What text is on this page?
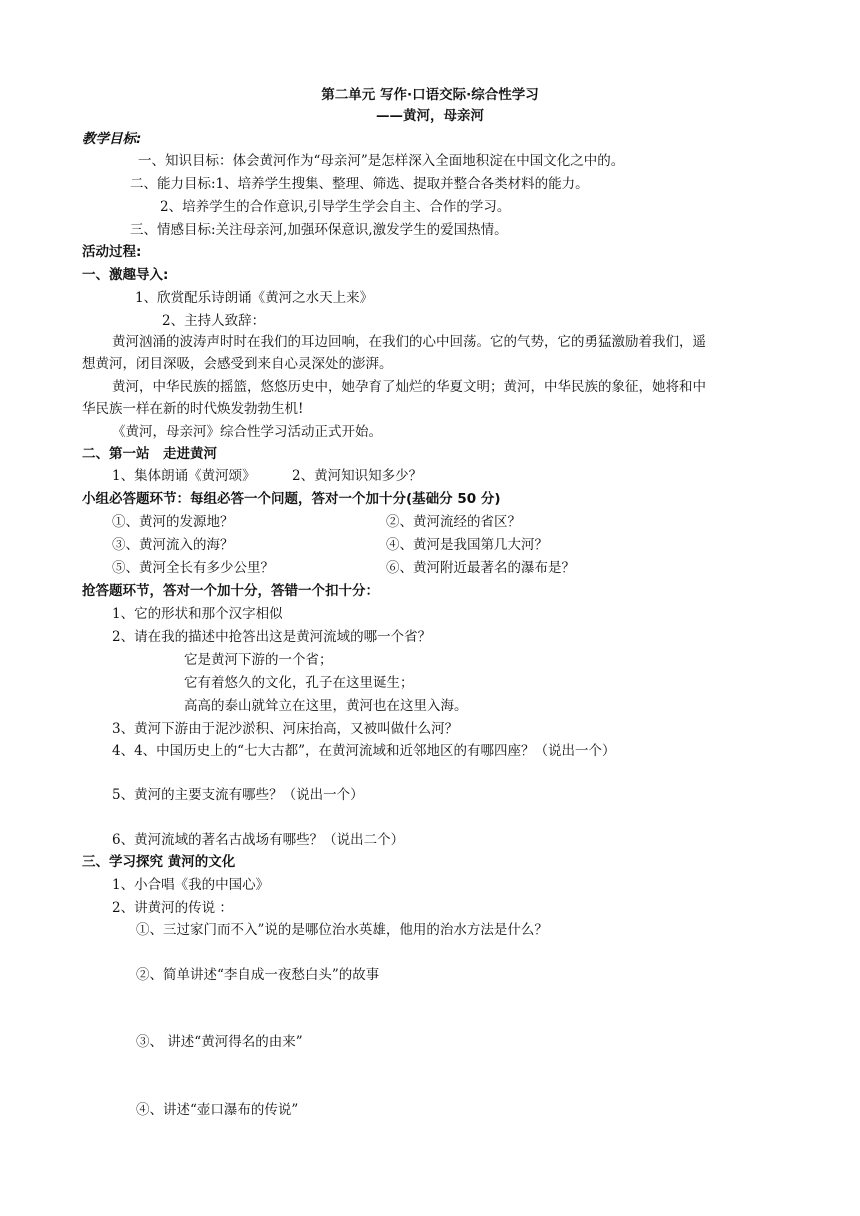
第二单元 写作·口语交际·综合性学习
——黄河，母亲河
教学目标:
一、知识目标：体会黄河作为“母亲河”是怎样深入全面地积淀在中国文化之中的。
二、能力目标:1、培养学生搜集、整理、筛选、提取并整合各类材料的能力。
2、培养学生的合作意识,引导学生学会自主、合作的学习。
三、情感目标:关注母亲河,加强环保意识,激发学生的爱国热情。
活动过程:
一、激趣导入:
1、欣赏配乐诗朗诵《黄河之水天上来》
2、主持人致辞：
黄河汹涌的波涛声时时在我们的耳边回响，在我们的心中回荡。它的气势，它的勇猛激励着我们，遥
想黄河，闭目深吸，会感受到来自心灵深处的澎湃。
黄河，中华民族的摇篮，悠悠历史中，她孕育了灿烂的华夏文明；黄河，中华民族的象征，她将和中
华民族一样在新的时代焕发勃勃生机!
《黄河，母亲河》综合性学习活动正式开始。
二、第一站　走进黄河
1、集体朗诵《黄河颂》	2、黄河知识知多少？
小组必答题环节：每组必答一个问题，答对一个加十分(基础分 50 分)
①、黄河的发源地？	②、黄河流经的省区？
③、黄河流入的海？	④、黄河是我国第几大河？
⑤、黄河全长有多少公里？	⑥、黄河附近最著名的瀑布是？
抢答题环节，答对一个加十分，答错一个扣十分：
1、它的形状和那个汉字相似
2、请在我的描述中抢答出这是黄河流域的哪一个省？
它是黄河下游的一个省；
它有着悠久的文化，孔子在这里诞生；
高高的泰山就耸立在这里，黄河也在这里入海。
3、黄河下游由于泥沙淤积、河床抬高，又被叫做什么河？
4、4、中国历史上的“七大古都”，在黄河流域和近邻地区的有哪四座？（说出一个）
5、黄河的主要支流有哪些？（说出一个）
6、黄河流域的著名古战场有哪些？（说出二个）
三、学习探究 黄河的文化
1、小合唱《我的中国心》
2、讲黄河的传说 ：
①、三过家门而不入”说的是哪位治水英雄，他用的治水方法是什么？
②、简单讲述“李自成一夜愁白头”的故事
③、 讲述“黄河得名的由来”
④、讲述“壶口瀑布的传说”
